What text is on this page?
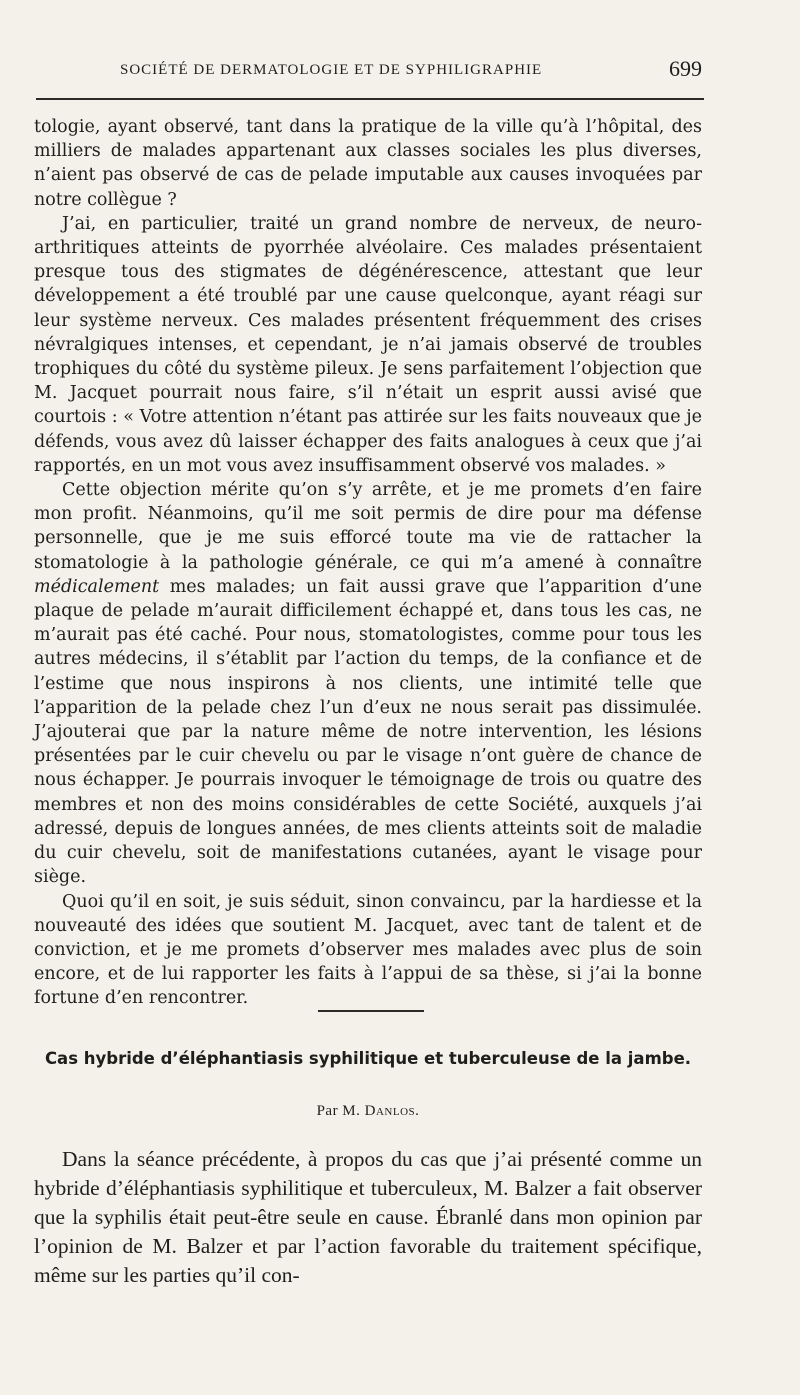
SOCIÉTÉ DE DERMATOLOGIE ET DE SYPHILIGRAPHIE	699

tologie, ayant observé, tant dans la pratique de la ville qu’à l’hôpital, des milliers de malades appartenant aux classes sociales les plus diverses, n’aient pas observé de cas de pelade imputable aux causes invoquées par notre collègue ?

J’ai, en particulier, traité un grand nombre de nerveux, de neuro-arthritiques atteints de pyorrhée alvéolaire. Ces malades présentaient presque tous des stigmates de dégénérescence, attestant que leur développement a été troublé par une cause quelconque, ayant réagi sur leur système nerveux. Ces malades présentent fréquemment des crises névralgiques intenses, et cependant, je n’ai jamais observé de troubles trophiques du côté du système pileux. Je sens parfaitement l’objection que M. Jacquet pourrait nous faire, s’il n’était un esprit aussi avisé que courtois : « Votre attention n’étant pas attirée sur les faits nouveaux que je défends, vous avez dû laisser échapper des faits analogues à ceux que j’ai rapportés, en un mot vous avez insuffisamment observé vos malades. »

Cette objection mérite qu’on s’y arrête, et je me promets d’en faire mon profit. Néanmoins, qu’il me soit permis de dire pour ma défense personnelle, que je me suis efforcé toute ma vie de rattacher la stomatologie à la pathologie générale, ce qui m’a amené à connaître médicalement mes malades; un fait aussi grave que l’apparition d’une plaque de pelade m’aurait difficilement échappé et, dans tous les cas, ne m’aurait pas été caché. Pour nous, stomatologistes, comme pour tous les autres médecins, il s’établit par l’action du temps, de la confiance et de l’estime que nous inspirons à nos clients, une intimité telle que l’apparition de la pelade chez l’un d’eux ne nous serait pas dissimulée. J’ajouterai que par la nature même de notre intervention, les lésions présentées par le cuir chevelu ou par le visage n’ont guère de chance de nous échapper. Je pourrais invoquer le témoignage de trois ou quatre des membres et non des moins considérables de cette Société, auxquels j’ai adressé, depuis de longues années, de mes clients atteints soit de maladie du cuir chevelu, soit de manifestations cutanées, ayant le visage pour siège.

Quoi qu’il en soit, je suis séduit, sinon convaincu, par la hardiesse et la nouveauté des idées que soutient M. Jacquet, avec tant de talent et de conviction, et je me promets d’observer mes malades avec plus de soin encore, et de lui rapporter les faits à l’appui de sa thèse, si j’ai la bonne fortune d’en rencontrer.

Cas hybride d’éléphantiasis syphilitique et tuberculeuse de la jambe.
Par M. Danlos.

Dans la séance précédente, à propos du cas que j’ai présenté comme un hybride d’éléphantiasis syphilitique et tuberculeux, M. Balzer a fait observer que la syphilis était peut-être seule en cause. Ébranlé dans mon opinion par l’opinion de M. Balzer et par l’action favorable du traitement spécifique, même sur les parties qu’il con-
